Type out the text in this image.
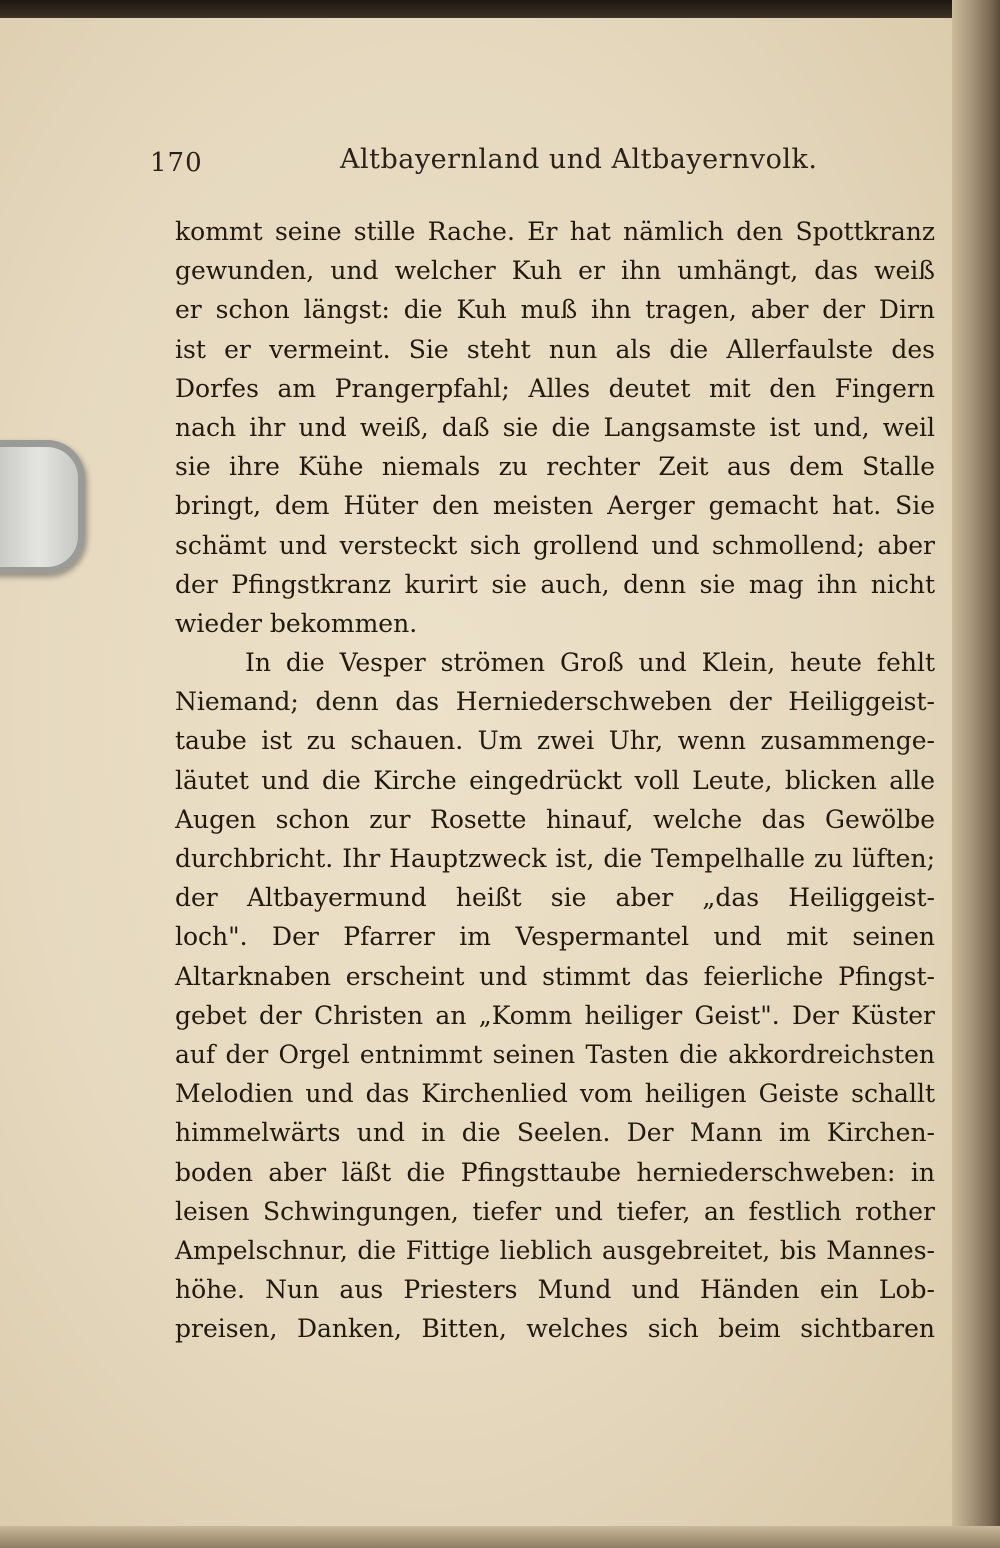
170	Altbayernland und Altbayernvolk.
kommt seine stille Rache. Er hat nämlich den Spottkranz
gewunden, und welcher Kuh er ihn umhängt, das weiß
er schon längst: die Kuh muß ihn tragen, aber der Dirn
ist er vermeint. Sie steht nun als die Allerfaulste des
Dorfes am Prangerpfahl; Alles deutet mit den Fingern
nach ihr und weiß, daß sie die Langsamste ist und, weil
sie ihre Kühe niemals zu rechter Zeit aus dem Stalle
bringt, dem Hüter den meisten Aerger gemacht hat. Sie
schämt und versteckt sich grollend und schmollend; aber
der Pfingstkranz kurirt sie auch, denn sie mag ihn nicht
wieder bekommen.
In die Vesper strömen Groß und Klein, heute fehlt
Niemand; denn das Herniederschweben der Heiliggeist-
taube ist zu schauen. Um zwei Uhr, wenn zusammenge-
läutet und die Kirche eingedrückt voll Leute, blicken alle
Augen schon zur Rosette hinauf, welche das Gewölbe
durchbricht. Ihr Hauptzweck ist, die Tempelhalle zu lüften;
der Altbayermund heißt sie aber „das Heiliggeist-
loch". Der Pfarrer im Vespermantel und mit seinen
Altarknaben erscheint und stimmt das feierliche Pfingst-
gebet der Christen an „Komm heiliger Geist". Der Küster
auf der Orgel entnimmt seinen Tasten die akkordreichsten
Melodien und das Kirchenlied vom heiligen Geiste schallt
himmelwärts und in die Seelen. Der Mann im Kirchen-
boden aber läßt die Pfingsttaube herniederschweben: in
leisen Schwingungen, tiefer und tiefer, an festlich rother
Ampelschnur, die Fittige lieblich ausgebreitet, bis Mannes-
höhe. Nun aus Priesters Mund und Händen ein Lob-
preisen, Danken, Bitten, welches sich beim sichtbaren
